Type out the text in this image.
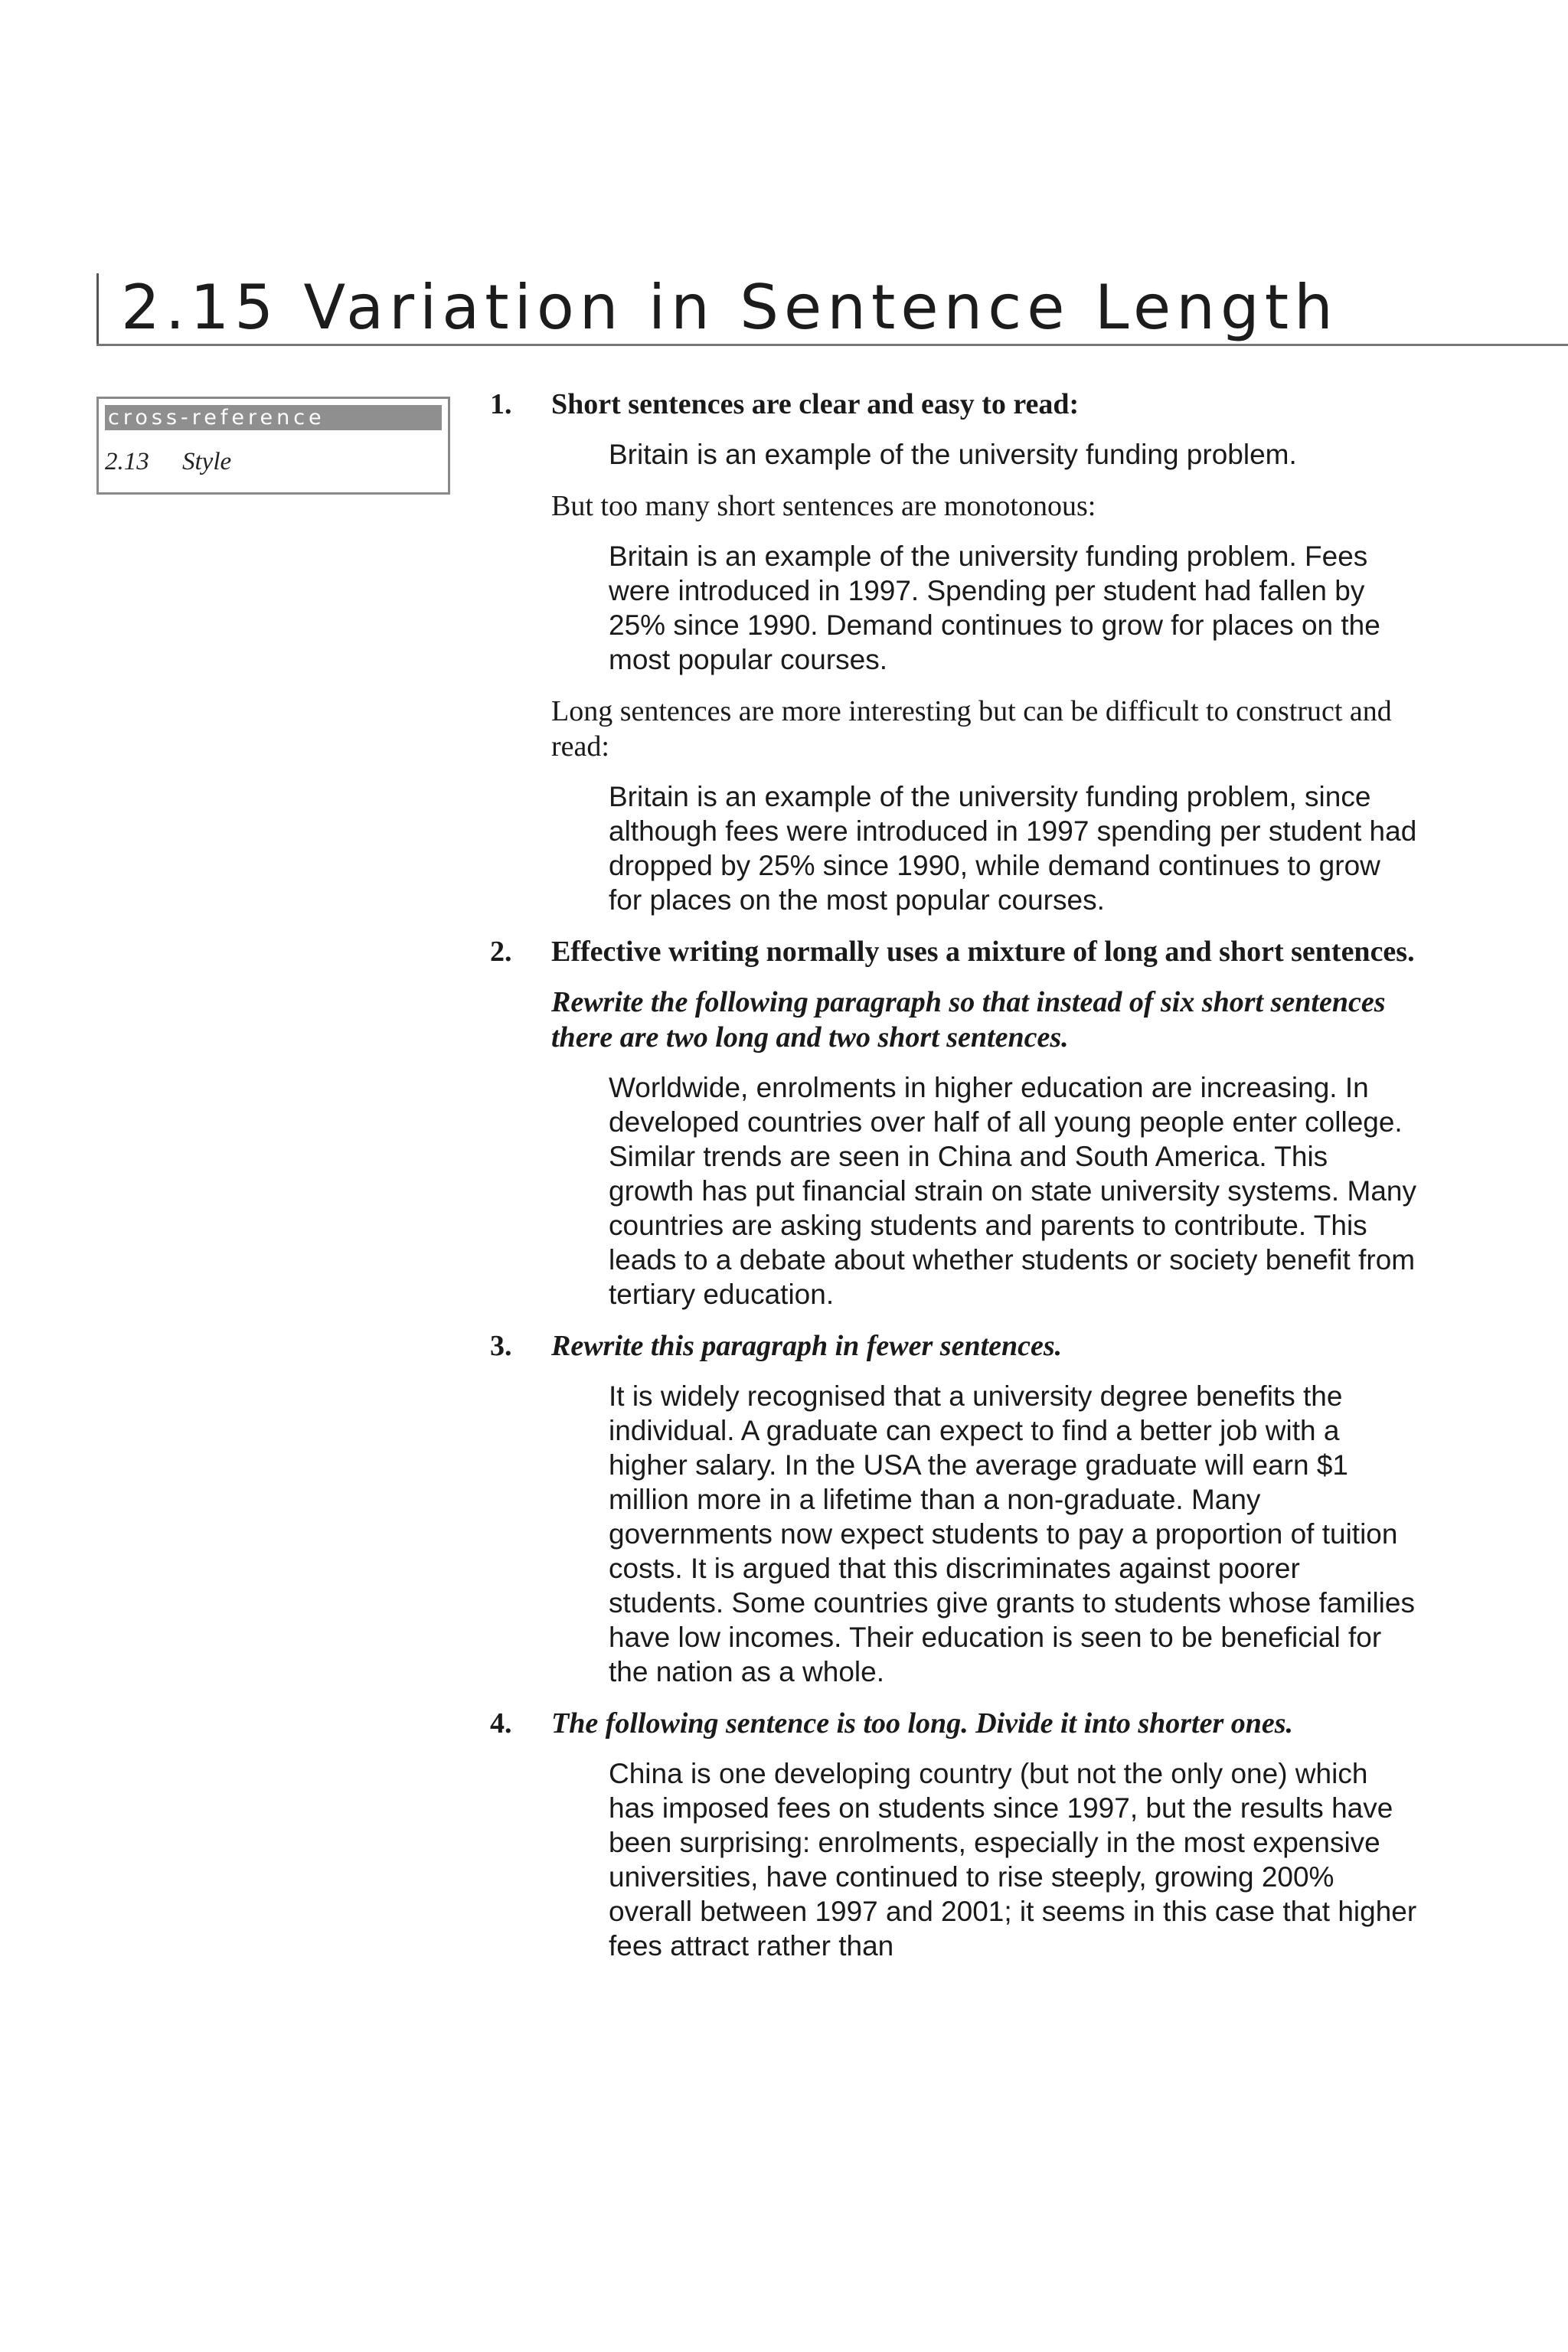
2.15 Variation in Sentence Length
cross-reference
2.13 Style
1. Short sentences are clear and easy to read:

Britain is an example of the university funding problem.

But too many short sentences are monotonous:

Britain is an example of the university funding problem. Fees were introduced in 1997. Spending per student had fallen by 25% since 1990. Demand continues to grow for places on the most popular courses.

Long sentences are more interesting but can be difficult to construct and read:

Britain is an example of the university funding problem, since although fees were introduced in 1997 spending per student had dropped by 25% since 1990, while demand continues to grow for places on the most popular courses.

2. Effective writing normally uses a mixture of long and short sentences.

Rewrite the following paragraph so that instead of six short sentences there are two long and two short sentences.

Worldwide, enrolments in higher education are increasing. In developed countries over half of all young people enter college. Similar trends are seen in China and South America. This growth has put financial strain on state university systems. Many countries are asking students and parents to contribute. This leads to a debate about whether students or society benefit from tertiary education.

3. Rewrite this paragraph in fewer sentences.

It is widely recognised that a university degree benefits the individual. A graduate can expect to find a better job with a higher salary. In the USA the average graduate will earn $1 million more in a lifetime than a non-graduate. Many governments now expect students to pay a proportion of tuition costs. It is argued that this discriminates against poorer students. Some countries give grants to students whose families have low incomes. Their education is seen to be beneficial for the nation as a whole.

4. The following sentence is too long. Divide it into shorter ones.

China is one developing country (but not the only one) which has imposed fees on students since 1997, but the results have been surprising: enrolments, especially in the most expensive universities, have continued to rise steeply, growing 200% overall between 1997 and 2001; it seems in this case that higher fees attract rather than
